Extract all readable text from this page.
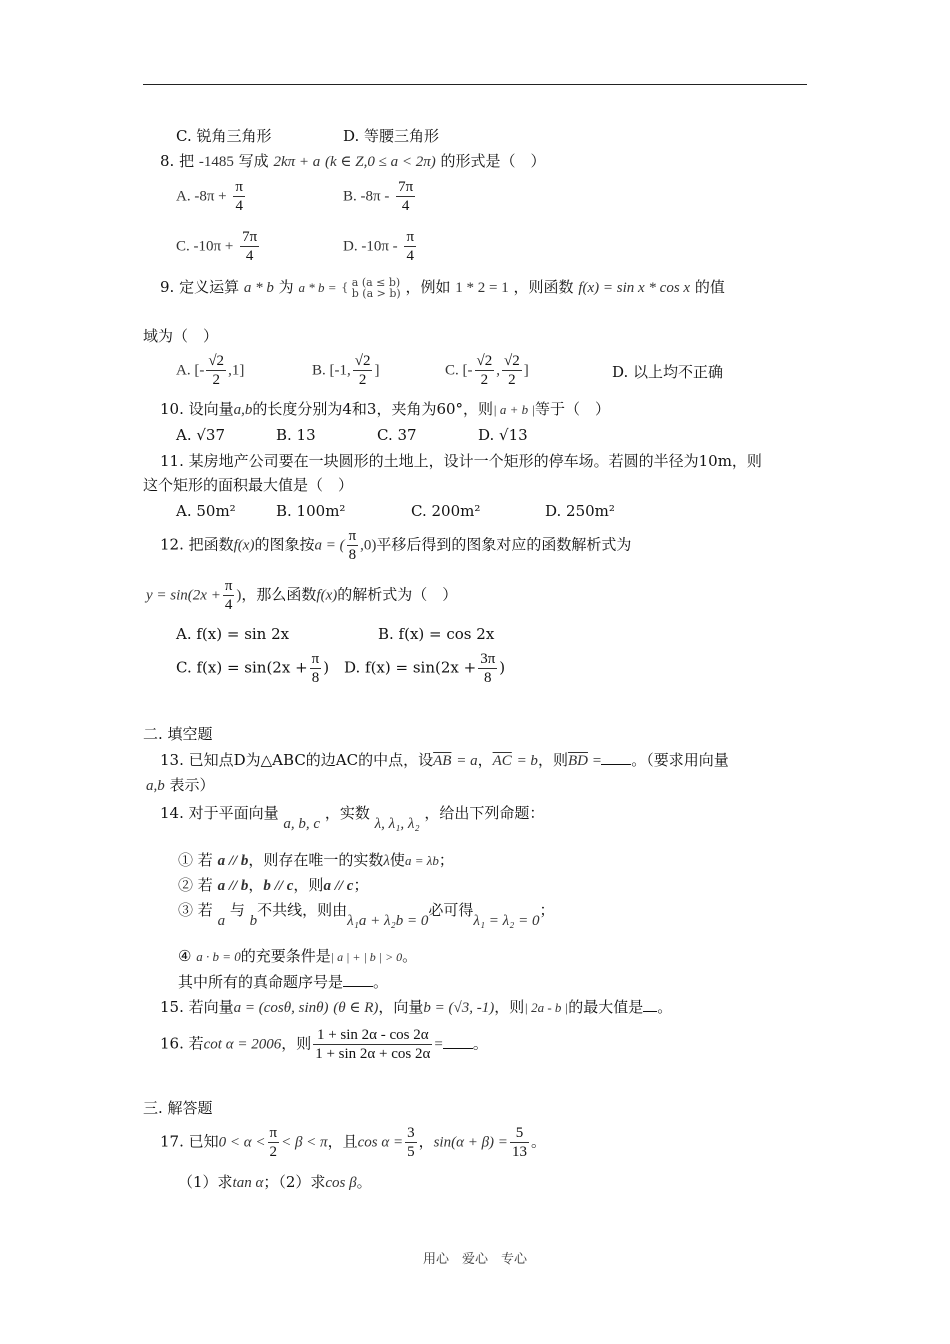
C. 锐角三角形	D. 等腰三角形
8. 把 -1485 写成 2kπ + a (k ∈ Z,0 ≤ a < 2π) 的形式是（　）
A. $-8\pi + \frac{\pi}{4}$	B. $-8\pi - \frac{7\pi}{4}$
C. $-10\pi + \frac{7\pi}{4}$	D. $-10\pi - \frac{\pi}{4}$
9. 定义运算 a * b 为 a * b = { a (a ≤ b)
b (a > b) ，例如 1 * 2 = 1 ，则函数 f(x) = sin x * cos x 的值
域为（　）
A. [- $\frac{√2}{2} ,1$]	B. [-1, $\frac{√2}{2}$ ]	C. [- $\frac{√2}{2}$ , $\frac{√2}{2}$ ]	D. 以上均不正确
10. 设向量a,b的长度分别为4和3，夹角为60°，则| a + b |等于（　）
A. √37	B. 13	C. 37	D. √13
11. 某房地产公司要在一块圆形的土地上，设计一个矩形的停车场。若圆的半径为10m，则
这个矩形的面积最大值是（　）
A. 50m²	B. 100m²	C. 200m²	D. 250m²
12. 把函数f(x)的图象按a = ( $\frac{\pi}{8} ,0$)平移后得到的图象对应的函数解析式为
$y = \sin(2x + \frac{\pi}{4}$ )，那么函数f(x)的解析式为（　）
A. f(x) = sin 2x	B. f(x) = cos 2x
C. $f(x) = \sin(2x + \frac{\pi}{8}$ ) D. $f(x) = \sin(2x + \frac{3\pi}{8}$ )
二. 填空题
13. 已知点D为△ABC的边AC的中点，设$\overline{AB} = a$，$\overline{AC} = b$，则$\overline{BD}$ = 。（要求用向量
a,b 表示）
14. 对于平面向量 a, b, c ，实数 λ, λ₁, λ₂ ，给出下列命题：
① 若 a // b，则存在唯一的实数λ使a = λb；
② 若 a // b，b // c，则a // c；
③ 若 a 与 b不共线，则由λ₁a + λ₂b = 0必可得λ₁ = λ₂ = 0；
④ a · b = 0的充要条件是| a | + | b | > 0。
其中所有的真命题序号是 。
15. 若向量a = (cosθ, sinθ) (θ ∈ R)，向量b = (√3, -1)，则| 2a - b |的最大值是 。
16. 若cot α = 2006，则 $\frac{1 + \sin 2\alpha - \cos 2\alpha}{1 + \sin 2\alpha + \cos 2\alpha}$ = 。
三. 解答题
17. 已知$0 < \alpha < \frac{\pi}{2} < \beta < \pi$，且$\cos \alpha = \frac{3}{5}$ ，$\sin(\alpha + \beta) = \frac{5}{13}$ 。
（1）求tan α；（2）求cos β。
用心　爱心　专心
